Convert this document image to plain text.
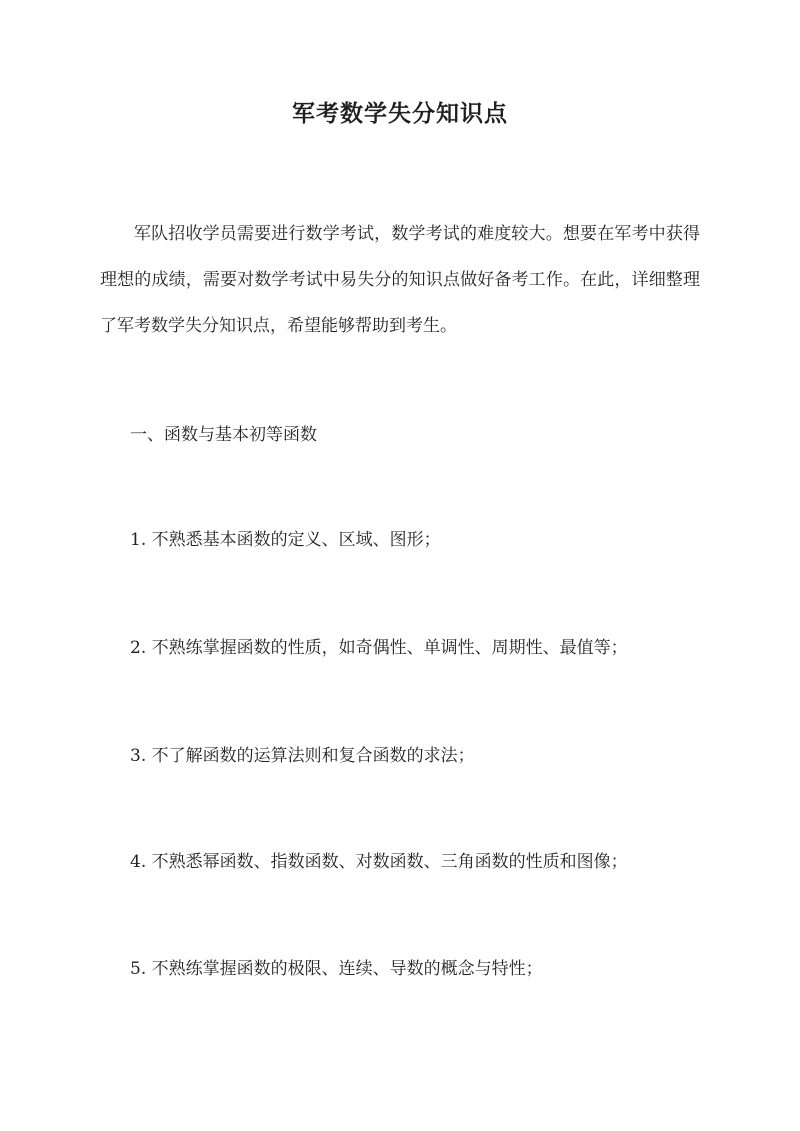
军考数学失分知识点

军队招收学员需要进行数学考试，数学考试的难度较大。想要在军考中获得理想的成绩，需要对数学考试中易失分的知识点做好备考工作。在此，详细整理了军考数学失分知识点，希望能够帮助到考生。

一、函数与基本初等函数

1. 不熟悉基本函数的定义、区域、图形；

2. 不熟练掌握函数的性质，如奇偶性、单调性、周期性、最值等；

3. 不了解函数的运算法则和复合函数的求法；

4. 不熟悉幂函数、指数函数、对数函数、三角函数的性质和图像；

5. 不熟练掌握函数的极限、连续、导数的概念与特性；
